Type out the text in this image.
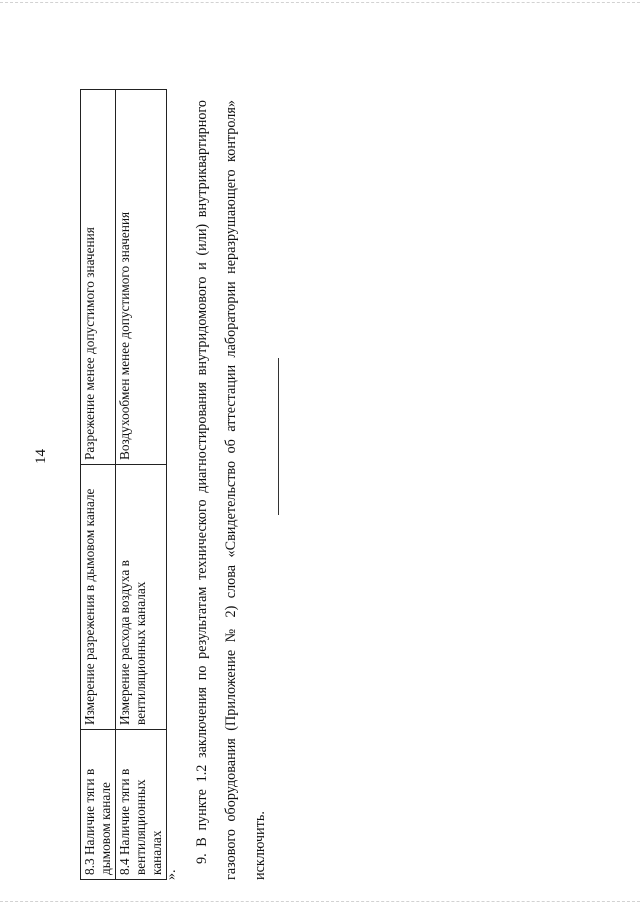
8.3 Наличие тяги в дымовом канале	Измерение разрежения в дымовом канале	Разрежение менее допустимого значения
8.4 Наличие тяги в вентиляционных каналах	Измерение расхода воздуха в вентиляционных каналах	Воздухообмен менее допустимого значения
».

9. В пункте 1.2 заключения по результатам технического диагностирования внутридомового и (или) внутриквартирного газового оборудования (Приложение № 2) слова «Свидетельство об аттестации лаборатории неразрушающего контроля» исключить.

14
